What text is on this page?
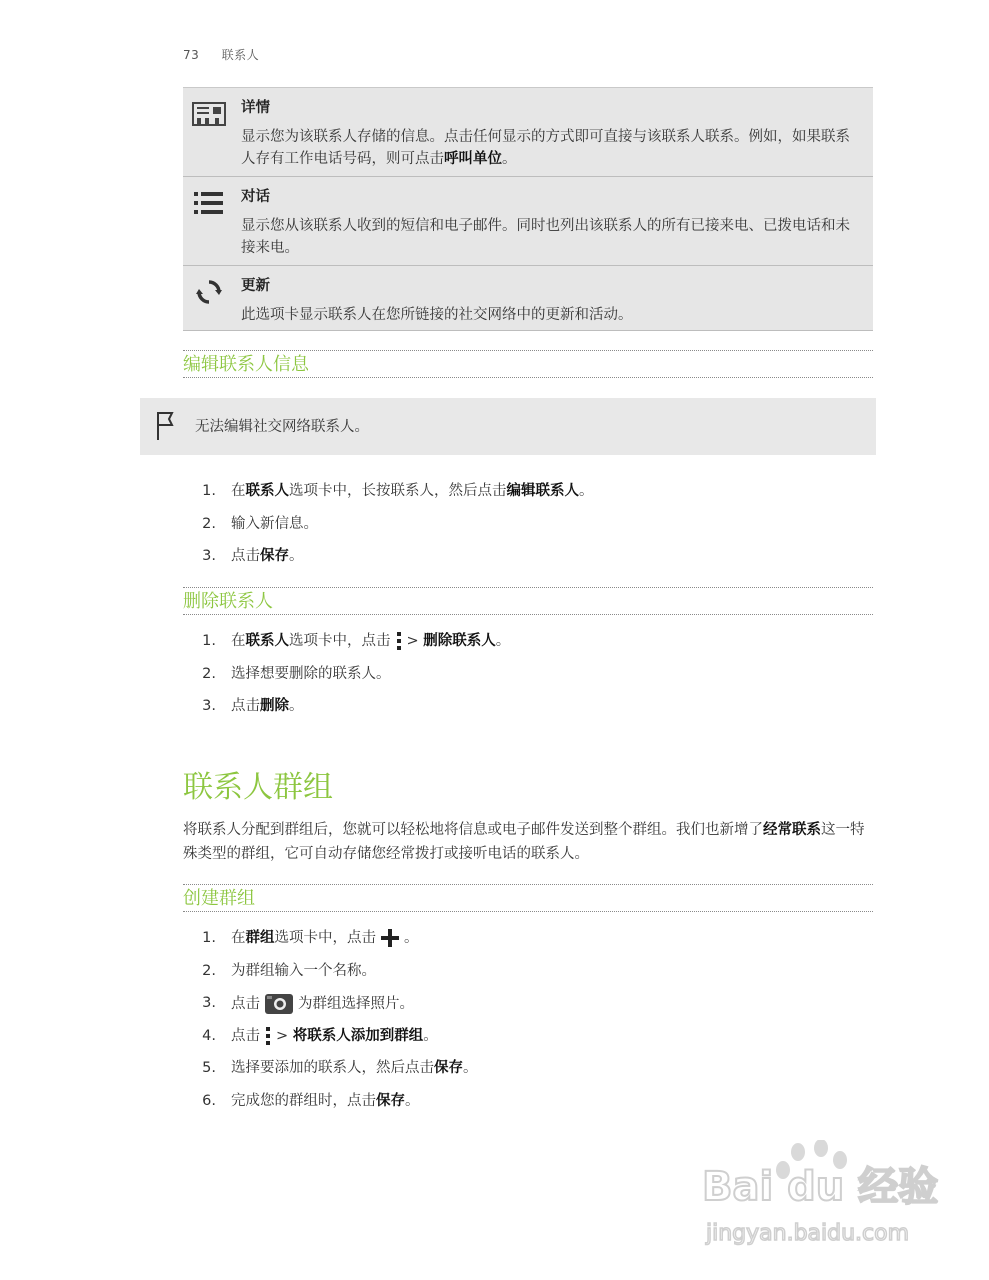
73 联系人
详情
显示您为该联系人存储的信息。点击任何显示的方式即可直接与该联系人联系。例如，如果联系人存有工作电话号码，则可点击呼叫单位。
对话
显示您从该联系人收到的短信和电子邮件。同时也列出该联系人的所有已接来电、已拨电话和未接来电。
更新
此选项卡显示联系人在您所链接的社交网络中的更新和活动。
编辑联系人信息
无法编辑社交网络联系人。
1. 在联系人选项卡中，长按联系人，然后点击编辑联系人。
2. 输入新信息。
3. 点击保存。
删除联系人
1. 在联系人选项卡中，点击 > 删除联系人。
2. 选择想要删除的联系人。
3. 点击删除。
联系人群组
将联系人分配到群组后，您就可以轻松地将信息或电子邮件发送到整个群组。我们也新增了经常联系这一特殊类型的群组，它可自动存储您经常拨打或接听电话的联系人。
创建群组
1. 在群组选项卡中，点击 。
2. 为群组输入一个名称。
3. 点击	为群组选择照片。
4. 点击 > 将联系人添加到群组。
5. 选择要添加的联系人，然后点击保存。
6. 完成您的群组时，点击保存。
Bai du 经验
jingyan.baidu.com
